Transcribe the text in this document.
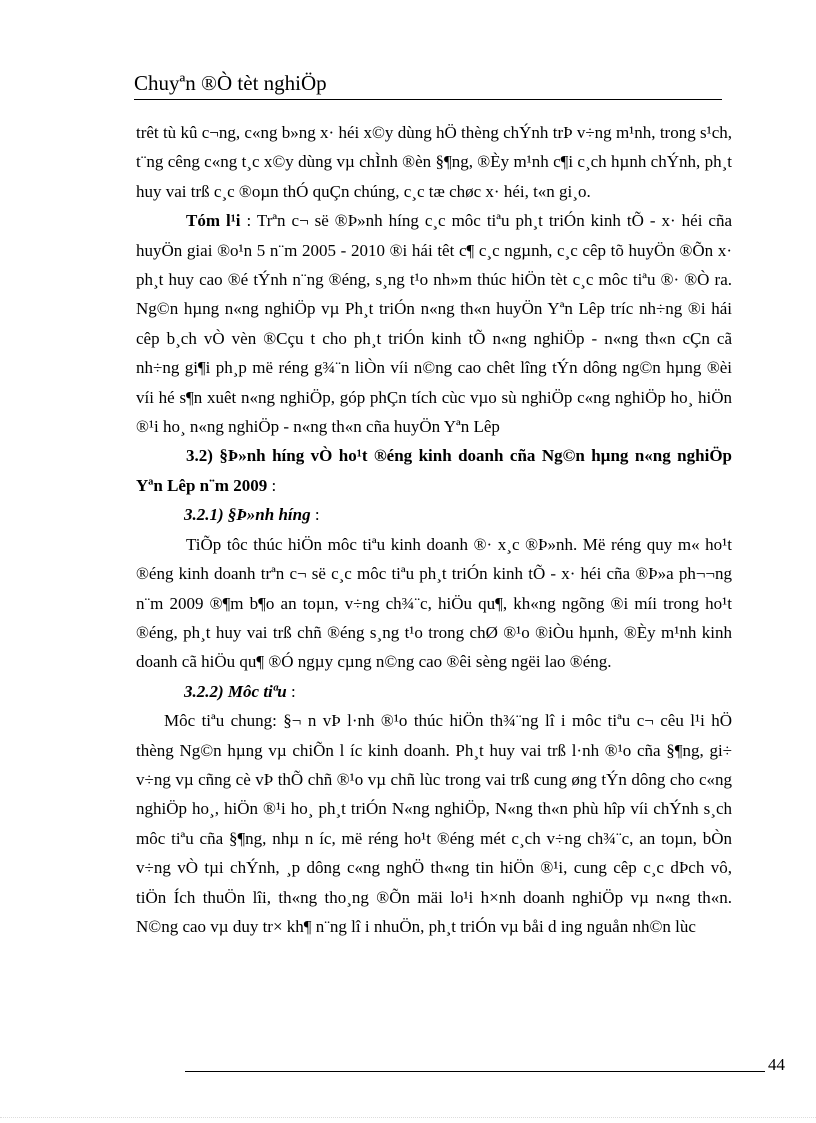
Chuyªn ®Ò tèt nghiÖp

trêt tù kû c¬ng, c«ng b»ng x· héi x©y dùng hÖ thèng chÝnh trÞ v÷ng m¹nh, trong s¹ch, t¨ng cêng c«ng t¸c x©y dùng vµ chÌnh ®èn §¶ng, ®Èy m¹nh c¶i c¸ch hµnh chÝnh, ph¸t huy vai trß c¸c ®oµn thÓ quÇn chúng, c¸c tæ chøc x· héi, t«n gi¸o.

Tóm l¹i : Trªn c¬ së ®Þ»nh híng c¸c môc tiªu ph¸t triÓn kinh tÕ - x· héi cña huyÖn giai ®o¹n 5 n¨m 2005 - 2010 ®i hái têt c¶ c¸c ngµnh, c¸c cêp tõ huyÖn ®Õn x· ph¸t huy cao ®é tÝnh n¨ng ®éng, s¸ng t¹o nh»m thúc hiÖn tèt c¸c môc tiªu ®· ®Ò ra. Ng©n hµng n«ng nghiÖp vµ Ph¸t triÓn n«ng th«n huyÖn Yªn Lêp tríc nh÷ng ®i hái cêp b¸ch vÒ vèn ®Cçu t cho ph¸t triÓn kinh tÕ n«ng nghiÖp - n«ng th«n cÇn cã nh÷ng gi¶i ph¸p më réng g¾¨n liÒn víi n©ng cao chêt lîng tÝn dông ng©n hµng ®èi víi hé s¶n xuêt n«ng nghiÖp, góp phÇn tích cùc vµo sù nghiÖp c«ng nghiÖp ho¸ hiÖn ®¹i ho¸ n«ng nghiÖp - n«ng th«n cña huyÖn Yªn Lêp

3.2) §Þ»nh híng vÒ ho¹t ®éng kinh doanh cña Ng©n hµng n«ng nghiÖp Yªn Lêp n¨m 2009 :

3.2.1) §Þ»nh híng :

TiÕp tôc thúc hiÖn môc tiªu kinh doanh ®· x¸c ®Þ»nh. Më réng quy m« ho¹t ®éng kinh doanh trªn c¬ së c¸c môc tiªu ph¸t triÓn kinh tÕ - x· héi cña ®Þ»a ph¬¬ng n¨m 2009 ®¶m b¶o an toµn, v÷ng ch¾¨c, hiÖu qu¶, kh«ng ngõng ®i míi trong ho¹t ®éng, ph¸t huy vai trß chñ ®éng s¸ng t¹o trong chØ ®¹o ®iÒu hµnh, ®Èy m¹nh kinh doanh cã hiÖu qu¶ ®Ó ngµy cµng n©ng cao ®êi sèng ngëi lao ®éng.

3.2.2) Môc tiªu :

Môc tiªu chung: §¬ n vÞ l·nh ®¹o thúc hiÖn th¾¨ng lî i môc tiªu c¬ cêu l¹i hÖ thèng Ng©n hµng vµ chiÕn l íc kinh doanh. Ph¸t huy vai trß l·nh ®¹o cña §¶ng, gi÷ v÷ng vµ cñng cè vÞ thÕ chñ ®¹o vµ chñ lùc trong vai trß cung øng tÝn dông cho c«ng nghiÖp ho¸, hiÖn ®¹i ho¸ ph¸t triÓn N«ng nghiÖp, N«ng th«n phù hîp víi chÝnh s¸ch môc tiªu cña §¶ng, nhµ n íc, më réng ho¹t ®éng mét c¸ch v÷ng ch¾¨c, an toµn, bÒn v÷ng vÒ tµi chÝnh, ¸p dông c«ng nghÖ th«ng tin hiÖn ®¹i, cung cêp c¸c dÞch vô, tiÖn Ích thuÖn lîi, th«ng tho¸ng ®Õn mäi lo¹i h×nh doanh nghiÖp vµ n«ng th«n. N©ng cao vµ duy tr× kh¶ n¨ng lî i nhuÖn, ph¸t triÓn vµ båi d ing nguån nh©n lùc

44
